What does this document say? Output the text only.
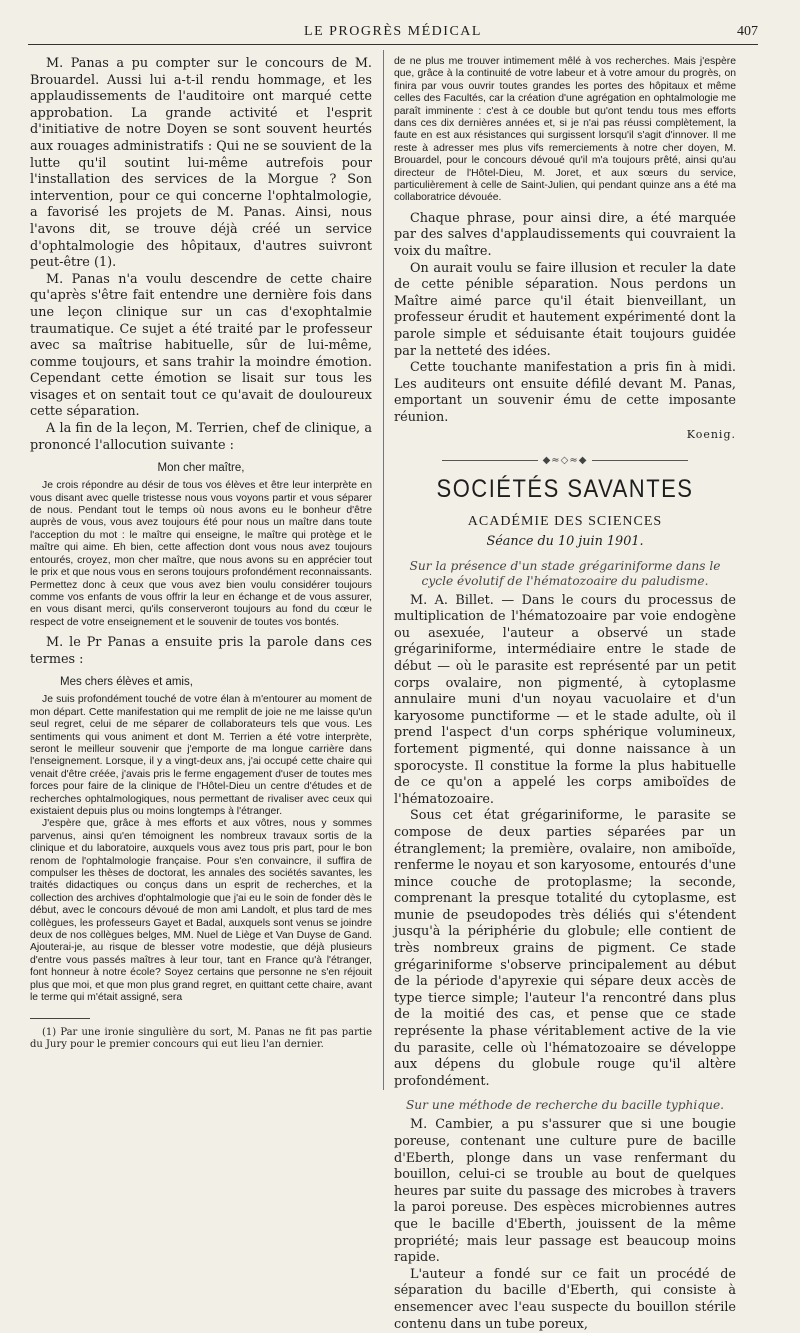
LE PROGRÈS MÉDICAL	407

M. Panas a pu compter sur le concours de M. Brouardel. Aussi lui a-t-il rendu hommage, et les applaudissements de l'auditoire ont marqué cette approbation. La grande activité et l'esprit d'initiative de notre Doyen se sont souvent heurtés aux rouages administratifs : Qui ne se souvient de la lutte qu'il soutint lui-même autrefois pour l'installation des services de la Morgue ? Son intervention, pour ce qui concerne l'ophtalmologie, a favorisé les projets de M. Panas. Ainsi, nous l'avons dit, se trouve déjà créé un service d'ophtalmologie des hôpitaux, d'autres suivront peut-être (1).

M. Panas n'a voulu descendre de cette chaire qu'après s'être fait entendre une dernière fois dans une leçon clinique sur un cas d'exophtalmie traumatique. Ce sujet a été traité par le professeur avec sa maîtrise habituelle, sûr de lui-même, comme toujours, et sans trahir la moindre émotion. Cependant cette émotion se lisait sur tous les visages et on sentait tout ce qu'avait de douloureux cette séparation.

A la fin de la leçon, M. Terrien, chef de clinique, a prononcé l'allocution suivante :

Mon cher maître,

Je crois répondre au désir de tous vos élèves et être leur interprète en vous disant avec quelle tristesse nous vous voyons partir et vous séparer de nous. Pendant tout le temps où nous avons eu le bonheur d'être auprès de vous, vous avez toujours été pour nous un maître dans toute l'acception du mot : le maître qui enseigne, le maître qui protège et le maître qui aime. Eh bien, cette affection dont vous nous avez toujours entourés, croyez, mon cher maître, que nous avons su en apprécier tout le prix et que nous vous en serons toujours profondément reconnaissants. Permettez donc à ceux que vous avez bien voulu considérer toujours comme vos enfants de vous offrir la leur en échange et de vous assurer, en vous disant merci, qu'ils conserveront toujours au fond du cœur le respect de votre enseignement et le souvenir de toutes vos bontés.

M. le Pr Panas a ensuite pris la parole dans ces termes :

Mes chers élèves et amis,

Je suis profondément touché de votre élan à m'entourer au moment de mon départ. Cette manifestation qui me remplit de joie ne me laisse qu'un seul regret, celui de me séparer de collaborateurs tels que vous. Les sentiments qui vous animent et dont M. Terrien a été votre interprète, seront le meilleur souvenir que j'emporte de ma longue carrière dans l'enseignement. Lorsque, il y a vingt-deux ans, j'ai occupé cette chaire qui venait d'être créée, j'avais pris le ferme engagement d'user de toutes mes forces pour faire de la clinique de l'Hôtel-Dieu un centre d'études et de recherches ophtalmologiques, nous permettant de rivaliser avec ceux qui existaient depuis plus ou moins longtemps à l'étranger.

J'espère que, grâce à mes efforts et aux vôtres, nous y sommes parvenus, ainsi qu'en témoignent les nombreux travaux sortis de la clinique et du laboratoire, auxquels vous avez tous pris part, pour le bon renom de l'ophtalmologie française. Pour s'en convaincre, il suffira de compulser les thèses de doctorat, les annales des sociétés savantes, les traités didactiques ou conçus dans un esprit de recherches, et la collection des archives d'ophtalmologie que j'ai eu le soin de fonder dès le début, avec le concours dévoué de mon ami Landolt, et plus tard de mes collègues, les professeurs Gayet et Badal, auxquels sont venus se joindre deux de nos collègues belges, MM. Nuel de Liège et Van Duyse de Gand. Ajouterai-je, au risque de blesser votre modestie, que déjà plusieurs d'entre vous passés maîtres à leur tour, tant en France qu'à l'étranger, font honneur à notre école? Soyez certains que personne ne s'en réjouit plus que moi, et que mon plus grand regret, en quittant cette chaire, avant le terme qui m'était assigné, sera

(1) Par une ironie singulière du sort, M. Panas ne fit pas partie du Jury pour le premier concours qui eut lieu l'an dernier.

de ne plus me trouver intimement mêlé à vos recherches. Mais j'espère que, grâce à la continuité de votre labeur et à votre amour du progrès, on finira par vous ouvrir toutes grandes les portes des hôpitaux et même celles des Facultés, car la création d'une agrégation en ophtalmologie me paraît imminente : c'est à ce double but qu'ont tendu tous mes efforts dans ces dix dernières années et, si je n'ai pas réussi complètement, la faute en est aux résistances qui surgissent lorsqu'il s'agit d'innover. Il me reste à adresser mes plus vifs remerciements à notre cher doyen, M. Brouardel, pour le concours dévoué qu'il m'a toujours prêté, ainsi qu'au directeur de l'Hôtel-Dieu, M. Joret, et aux sœurs du service, particulièrement à celle de Saint-Julien, qui pendant quinze ans a été ma collaboratrice dévouée.

Chaque phrase, pour ainsi dire, a été marquée par des salves d'applaudissements qui couvraient la voix du maître.

On aurait voulu se faire illusion et reculer la date de cette pénible séparation. Nous perdons un Maître aimé parce qu'il était bienveillant, un professeur érudit et hautement expérimenté dont la parole simple et séduisante était toujours guidée par la netteté des idées.

Cette touchante manifestation a pris fin à midi. Les auditeurs ont ensuite défilé devant M. Panas, emportant un souvenir ému de cette imposante réunion.

Koenig.

◆≈◇≈◆
SOCIÉTÉS SAVANTES
ACADÉMIE DES SCIENCES
Séance du 10 juin 1901.

Sur la présence d'un stade grégariniforme dans le cycle évolutif de l'hématozoaire du paludisme.

M. A. Billet. — Dans le cours du processus de multiplication de l'hématozoaire par voie endogène ou asexuée, l'auteur a observé un stade grégariniforme, intermédiaire entre le stade de début — où le parasite est représenté par un petit corps ovalaire, non pigmenté, à cytoplasme annulaire muni d'un noyau vacuolaire et d'un karyosome punctiforme — et le stade adulte, où il prend l'aspect d'un corps sphérique volumineux, fortement pigmenté, qui donne naissance à un sporocyste. Il constitue la forme la plus habituelle de ce qu'on a appelé les corps amiboïdes de l'hématozoaire.

Sous cet état grégariniforme, le parasite se compose de deux parties séparées par un étranglement; la première, ovalaire, non amiboïde, renferme le noyau et son karyosome, entourés d'une mince couche de protoplasme; la seconde, comprenant la presque totalité du cytoplasme, est munie de pseudopodes très déliés qui s'étendent jusqu'à la périphérie du globule; elle contient de très nombreux grains de pigment. Ce stade grégariniforme s'observe principalement au début de la période d'apyrexie qui sépare deux accès de type tierce simple; l'auteur l'a rencontré dans plus de la moitié des cas, et pense que ce stade représente la phase véritablement active de la vie du parasite, celle où l'hématozoaire se développe aux dépens du globule rouge qu'il altère profondément.

Sur une méthode de recherche du bacille typhique.

M. Cambier, a pu s'assurer que si une bougie poreuse, contenant une culture pure de bacille d'Eberth, plonge dans un vase renfermant du bouillon, celui-ci se trouble au bout de quelques heures par suite du passage des microbes à travers la paroi poreuse. Des espèces microbiennes autres que le bacille d'Eberth, jouissent de la même propriété; mais leur passage est beaucoup moins rapide.

L'auteur a fondé sur ce fait un procédé de séparation du bacille d'Eberth, qui consiste à ensemencer avec l'eau suspecte du bouillon stérile contenu dans un tube poreux,
